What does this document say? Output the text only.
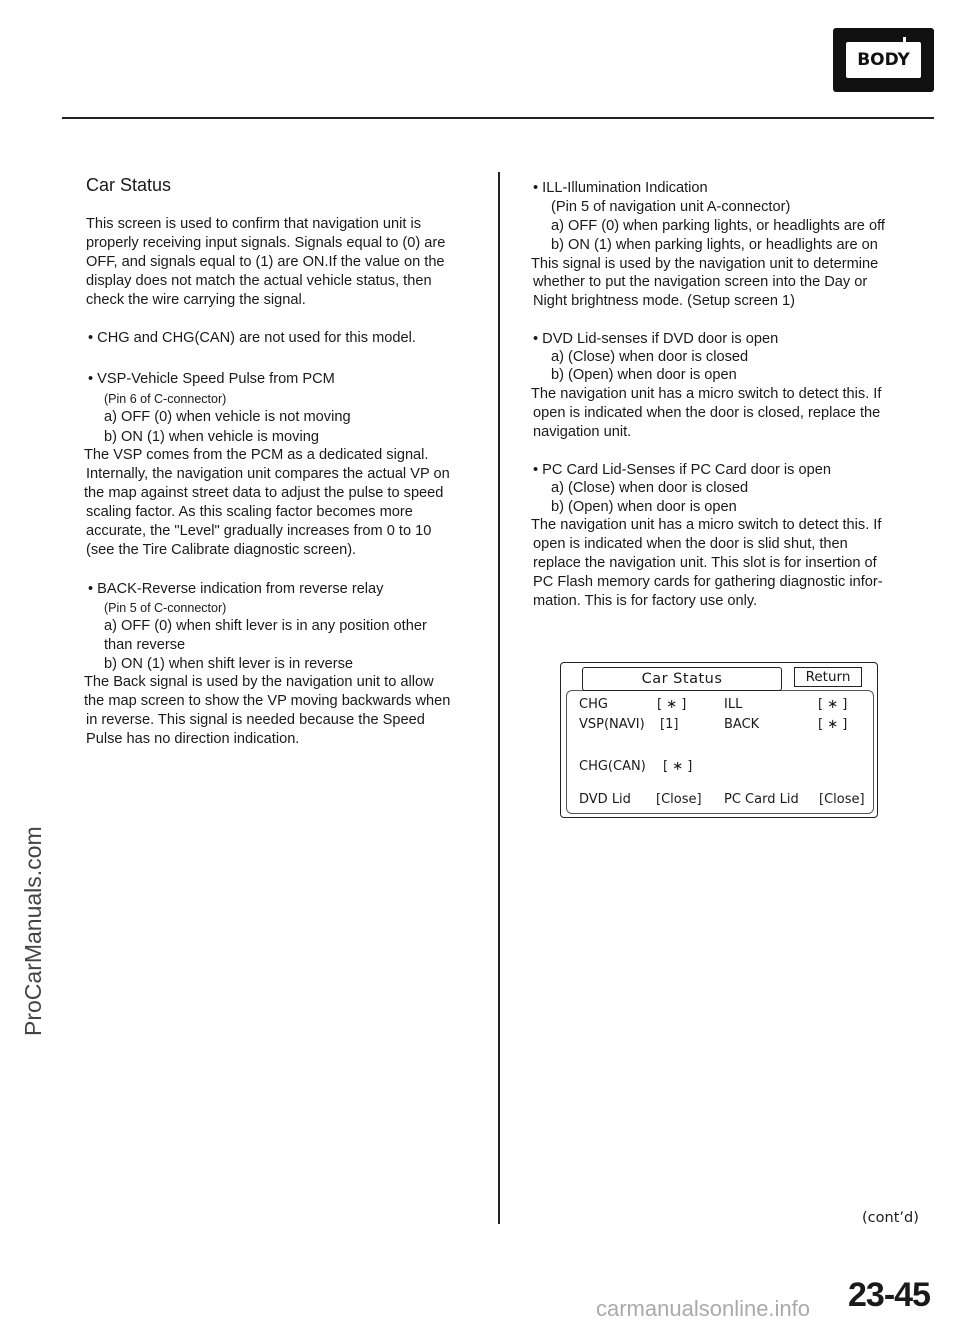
BODY
ProCarManuals.com
Car Status
This screen is used to confirm that navigation unit is
properly receiving input signals. Signals equal to (0) are
OFF, and signals equal to (1) are ON.If the value on the
display does not match the actual vehicle status, then
check the wire carrying the signal.
• CHG and CHG(CAN) are not used for this model.
• VSP-Vehicle Speed Pulse from PCM
(Pin 6 of C-connector)
a) OFF (0) when vehicle is not moving
b) ON (1) when vehicle is moving
The VSP comes from the PCM as a dedicated signal.
Internally, the navigation unit compares the actual VP on
the map against street data to adjust the pulse to speed
scaling factor. As this scaling factor becomes more
accurate, the "Level" gradually increases from 0 to 10
(see the Tire Calibrate diagnostic screen).
• BACK-Reverse indication from reverse relay
(Pin 5 of C-connector)
a) OFF (0) when shift lever is in any position other
than reverse
b) ON (1) when shift lever is in reverse
The Back signal is used by the navigation unit to allow
the map screen to show the VP moving backwards when
in reverse. This signal is needed because the Speed
Pulse has no direction indication.
• ILL-Illumination Indication
(Pin 5 of navigation unit A-connector)
a) OFF (0) when parking lights, or headlights are off
b) ON (1) when parking lights, or headlights are on
This signal is used by the navigation unit to determine
whether to put the navigation screen into the Day or
Night brightness mode. (Setup screen 1)
• DVD Lid-senses if DVD door is open
a) (Close) when door is closed
b) (Open) when door is open
The navigation unit has a micro switch to detect this. If
open is indicated when the door is closed, replace the
navigation unit.
• PC Card Lid-Senses if PC Card door is open
a) (Close) when door is closed
b) (Open) when door is open
The navigation unit has a micro switch to detect this. If
open is indicated when the door is slid shut, then
replace the navigation unit. This slot is for insertion of
PC Flash memory cards for gathering diagnostic infor-
mation. This is for factory use only.
Car Status	Return
CHG	[ ∗ ]	ILL	[ ∗ ]
VSP(NAVI) [1]	BACK	[ ∗ ]
CHG(CAN) [ ∗ ]
DVD Lid [Close] PC Card Lid [Close]
(cont’d)
23-45
carmanualsonline.info
